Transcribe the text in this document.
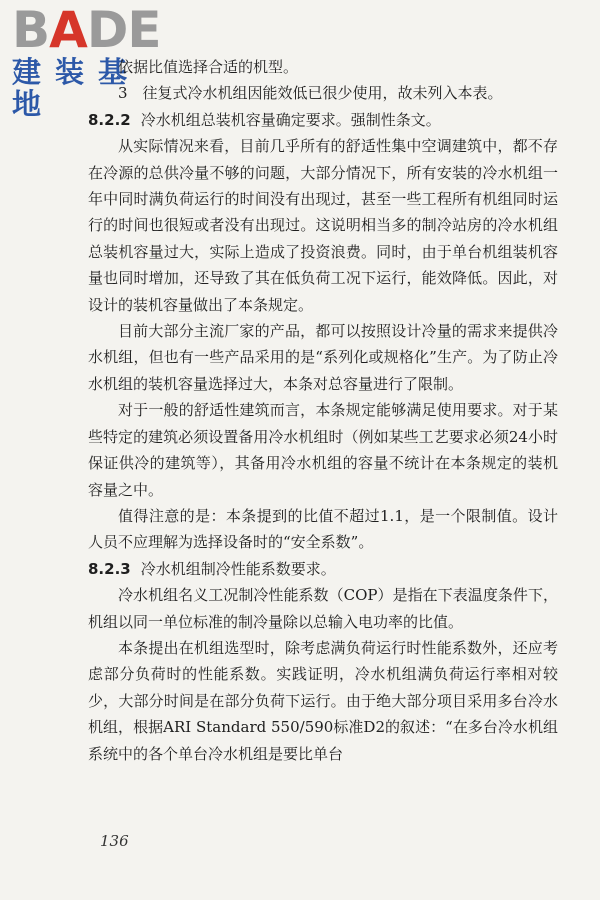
BADE
建装基地

依据比值选择合适的机型。

3　往复式冷水机组因能效低已很少使用，故未列入本表。

8.2.2 冷水机组总装机容量确定要求。强制性条文。

从实际情况来看，目前几乎所有的舒适性集中空调建筑中，都不存在冷源的总供冷量不够的问题，大部分情况下，所有安装的冷水机组一年中同时满负荷运行的时间没有出现过，甚至一些工程所有机组同时运行的时间也很短或者没有出现过。这说明相当多的制冷站房的冷水机组总装机容量过大，实际上造成了投资浪费。同时，由于单台机组装机容量也同时增加，还导致了其在低负荷工况下运行，能效降低。因此，对设计的装机容量做出了本条规定。

目前大部分主流厂家的产品，都可以按照设计冷量的需求来提供冷水机组，但也有一些产品采用的是“系列化或规格化”生产。为了防止冷水机组的装机容量选择过大，本条对总容量进行了限制。

对于一般的舒适性建筑而言，本条规定能够满足使用要求。对于某些特定的建筑必须设置备用冷水机组时（例如某些工艺要求必须24小时保证供冷的建筑等），其备用冷水机组的容量不统计在本条规定的装机容量之中。

值得注意的是：本条提到的比值不超过1.1，是一个限制值。设计人员不应理解为选择设备时的“安全系数”。

8.2.3 冷水机组制冷性能系数要求。

冷水机组名义工况制冷性能系数（COP）是指在下表温度条件下，机组以同一单位标准的制冷量除以总输入电功率的比值。

本条提出在机组选型时，除考虑满负荷运行时性能系数外，还应考虑部分负荷时的性能系数。实践证明，冷水机组满负荷运行率相对较少，大部分时间是在部分负荷下运行。由于绝大部分项目采用多台冷水机组，根据ARI Standard 550/590标准D2的叙述：“在多台冷水机组系统中的各个单台冷水机组是要比单台

136
